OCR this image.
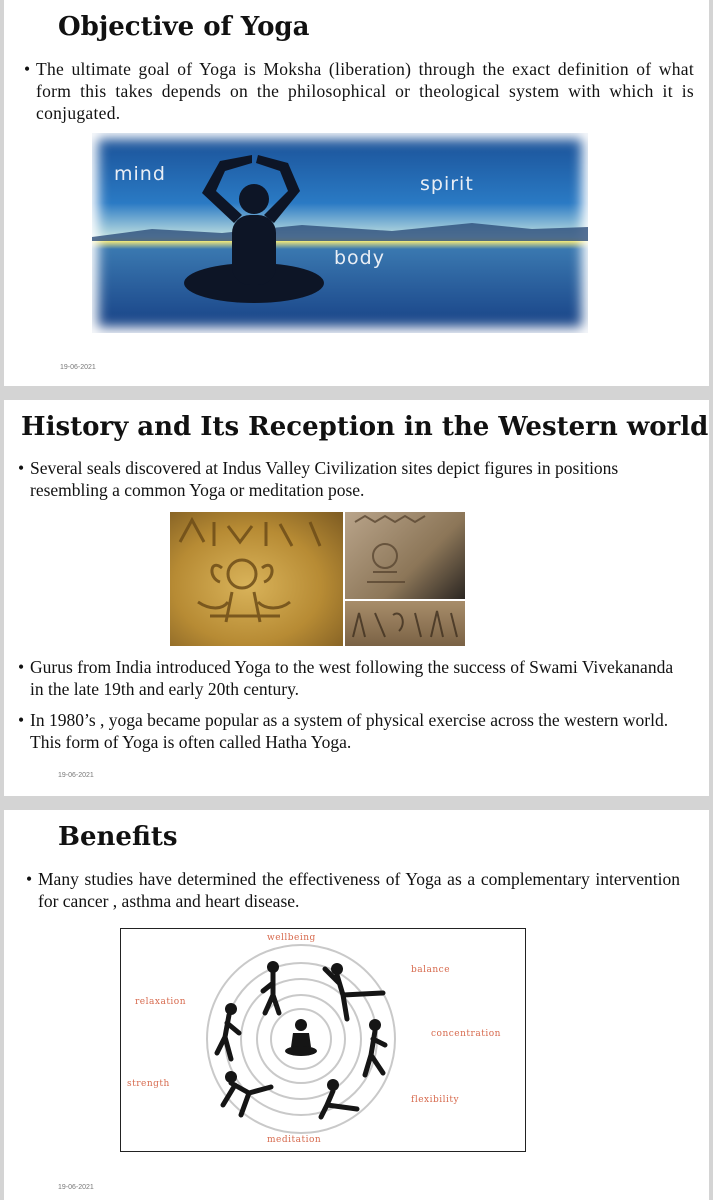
Objective of Yoga
• The ultimate goal of Yoga is Moksha (liberation) through the exact definition of what form this takes depends on the philosophical or theological system with which it is conjugated.
mind	spirit
body
19-06-2021
History and Its Reception in the Western world
• Several seals discovered at Indus Valley Civilization sites depict figures in positions resembling a common Yoga or meditation pose.
• Gurus from India introduced Yoga to the west following the success of Swami Vivekananda in the late 19th and early 20th century.
• In 1980’s , yoga became popular as a system of physical exercise across the western world. This form of Yoga is often called Hatha Yoga.
19-06-2021
Benefits
• Many studies have determined the effectiveness of Yoga as a complementary intervention for cancer , asthma and heart disease.
wellbeing
balance
relaxation
concentration
strength
flexibility
meditation
19-06-2021
